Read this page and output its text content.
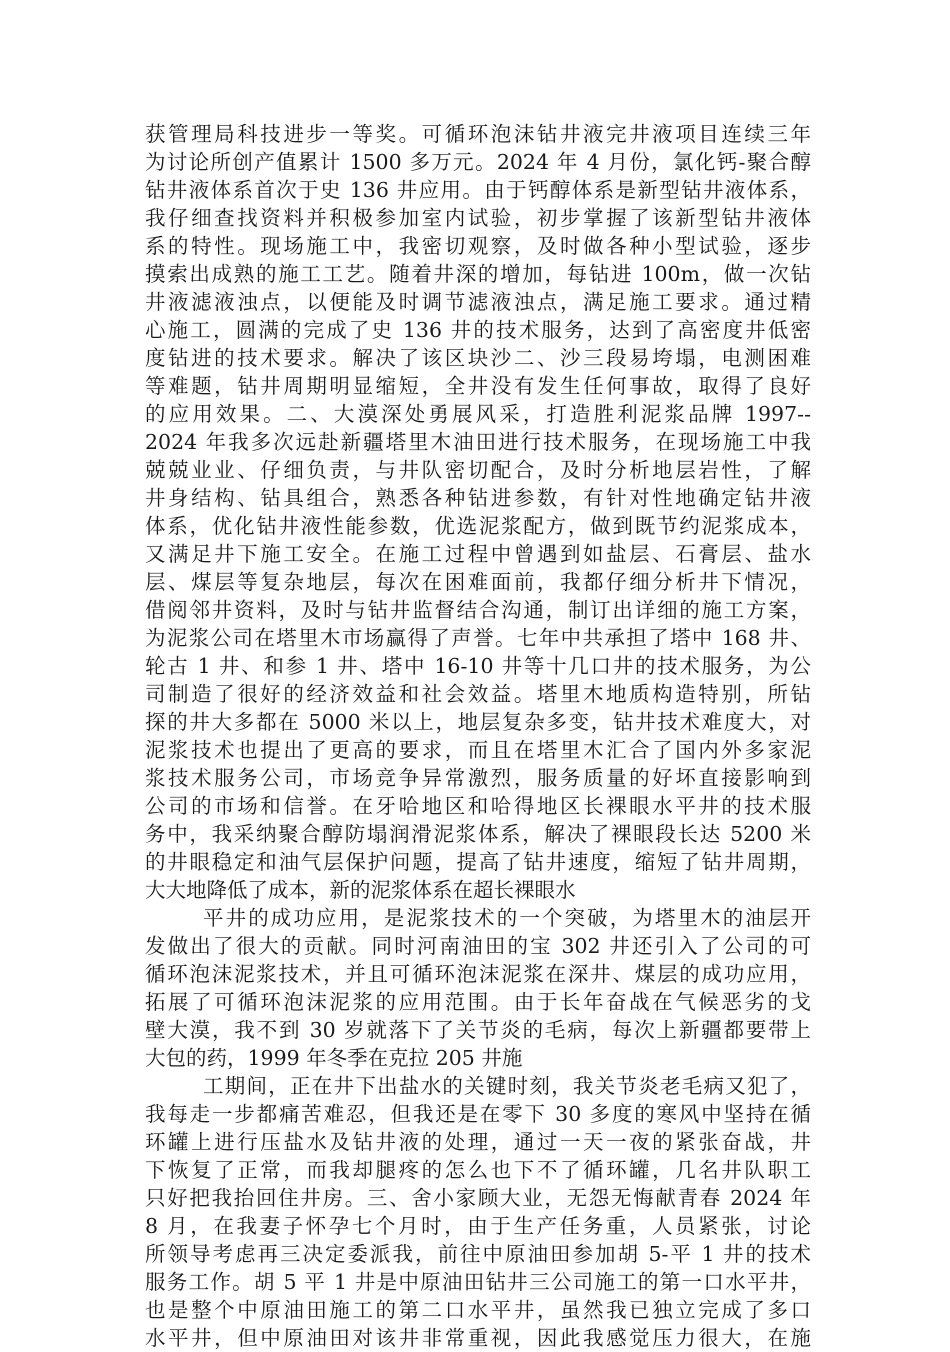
获管理局科技进步一等奖。可循环泡沫钻井液完井液项目连续三年
为讨论所创产值累计 1500 多万元。2024 年 4 月份，氯化钙-聚合醇
钻井液体系首次于史 136 井应用。由于钙醇体系是新型钻井液体系，
我仔细查找资料并积极参加室内试验，初步掌握了该新型钻井液体
系的特性。现场施工中，我密切观察，及时做各种小型试验，逐步
摸索出成熟的施工工艺。随着井深的增加，每钻进 100m，做一次钻
井液滤液浊点，以便能及时调节滤液浊点，满足施工要求。通过精
心施工，圆满的完成了史 136 井的技术服务，达到了高密度井低密
度钻进的技术要求。解决了该区块沙二、沙三段易垮塌，电测困难
等难题，钻井周期明显缩短，全井没有发生任何事故，取得了良好
的应用效果。二、大漠深处勇展风采，打造胜利泥浆品牌 1997--
2024 年我多次远赴新疆塔里木油田进行技术服务，在现场施工中我
兢兢业业、仔细负责，与井队密切配合，及时分析地层岩性，了解
井身结构、钻具组合，熟悉各种钻进参数，有针对性地确定钻井液
体系，优化钻井液性能参数，优选泥浆配方，做到既节约泥浆成本，
又满足井下施工安全。在施工过程中曾遇到如盐层、石膏层、盐水
层、煤层等复杂地层，每次在困难面前，我都仔细分析井下情况，
借阅邻井资料，及时与钻井监督结合沟通，制订出详细的施工方案，
为泥浆公司在塔里木市场赢得了声誉。七年中共承担了塔中 168 井、
轮古 1 井、和参 1 井、塔中 16-10 井等十几口井的技术服务，为公
司制造了很好的经济效益和社会效益。塔里木地质构造特别，所钻
探的井大多都在 5000 米以上，地层复杂多变，钻井技术难度大，对
泥浆技术也提出了更高的要求，而且在塔里木汇合了国内外多家泥
浆技术服务公司，市场竞争异常激烈，服务质量的好坏直接影响到
公司的市场和信誉。在牙哈地区和哈得地区长裸眼水平井的技术服
务中，我采纳聚合醇防塌润滑泥浆体系，解决了裸眼段长达 5200 米
的井眼稳定和油气层保护问题，提高了钻井速度，缩短了钻井周期，
大大地降低了成本，新的泥浆体系在超长裸眼水
平井的成功应用，是泥浆技术的一个突破，为塔里木的油层开
发做出了很大的贡献。同时河南油田的宝 302 井还引入了公司的可
循环泡沫泥浆技术，并且可循环泡沫泥浆在深井、煤层的成功应用，
拓展了可循环泡沫泥浆的应用范围。由于长年奋战在气候恶劣的戈
壁大漠，我不到 30 岁就落下了关节炎的毛病，每次上新疆都要带上
大包的药，1999 年冬季在克拉 205 井施
工期间，正在井下出盐水的关键时刻，我关节炎老毛病又犯了，
我每走一步都痛苦难忍，但我还是在零下 30 多度的寒风中坚持在循
环罐上进行压盐水及钻井液的处理，通过一天一夜的紧张奋战，井
下恢复了正常，而我却腿疼的怎么也下不了循环罐，几名井队职工
只好把我抬回住井房。三、舍小家顾大业，无怨无悔献青春 2024 年
8 月，在我妻子怀孕七个月时，由于生产任务重，人员紧张，讨论
所领导考虑再三决定委派我，前往中原油田参加胡 5-平 1 井的技术
服务工作。胡 5 平 1 井是中原油田钻井三公司施工的第一口水平井，
也是整个中原油田施工的第二口水平井，虽然我已独立完成了多口
水平井，但中原油田对该井非常重视，因此我感觉压力很大，在施
